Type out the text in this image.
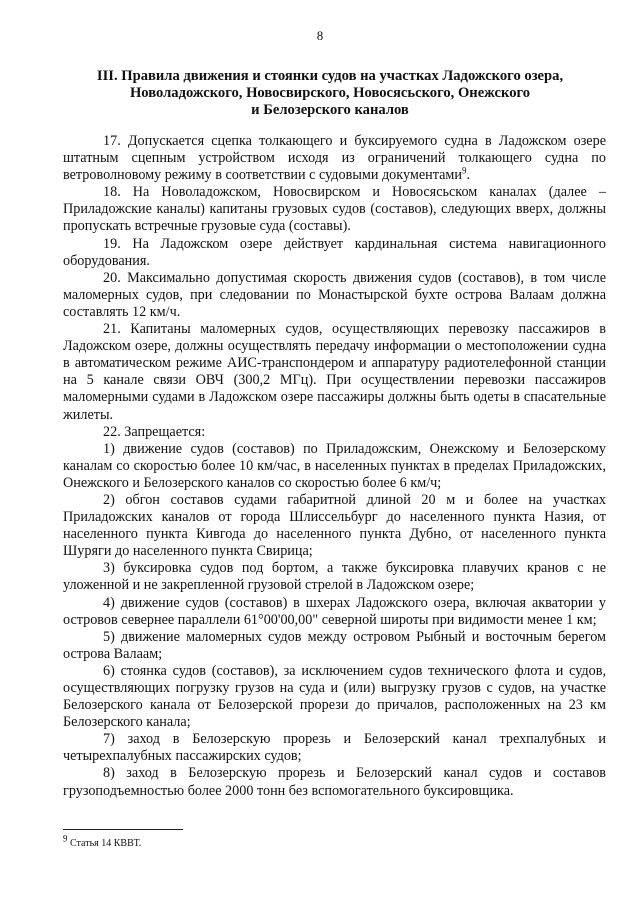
8
III. Правила движения и стоянки судов на участках Ладожского озера,
Новоладожского, Новосвирского, Новосясьского, Онежского
и Белозерского каналов

17. Допускается сцепка толкающего и буксируемого судна в Ладожском озере штатным сцепным устройством исходя из ограничений толкающего судна по ветроволновому режиму в соответствии с судовыми документами$^9$.

18. На Новоладожском, Новосвирском и Новосясьском каналах (далее – Приладожские каналы) капитаны грузовых судов (составов), следующих вверх, должны пропускать встречные грузовые суда (составы).

19. На Ладожском озере действует кардинальная система навигационного оборудования.

20. Максимально допустимая скорость движения судов (составов), в том числе маломерных судов, при следовании по Монастырской бухте острова Валаам должна составлять 12 км/ч.

21. Капитаны маломерных судов, осуществляющих перевозку пассажиров в Ладожском озере, должны осуществлять передачу информации о местоположении судна в автоматическом режиме АИС-транспондером и аппаратуру радиотелефонной станции на 5 канале связи ОВЧ (300,2 МГц). При осуществлении перевозки пассажиров маломерными судами в Ладожском озере пассажиры должны быть одеты в спасательные жилеты.

22. Запрещается:

1) движение судов (составов) по Приладожским, Онежскому и Белозерскому каналам со скоростью более 10 км/час, в населенных пунктах в пределах Приладожских, Онежского и Белозерского каналов со скоростью более 6 км/ч;

2) обгон составов судами габаритной длиной 20 м и более на участках Приладожских каналов от города Шлиссельбург до населенного пункта Назия, от населенного пункта Кивгода до населенного пункта Дубно, от населенного пункта Шуряги до населенного пункта Свирица;

3) буксировка судов под бортом, а также буксировка плавучих кранов с не уложенной и не закрепленной грузовой стрелой в Ладожском озере;

4) движение судов (составов) в шхерах Ладожского озера, включая акватории у островов севернее параллели 61°00'00,00" северной широты при видимости менее 1 км;

5) движение маломерных судов между островом Рыбный и восточным берегом острова Валаам;

6) стоянка судов (составов), за исключением судов технического флота и судов, осуществляющих погрузку грузов на суда и (или) выгрузку грузов с судов, на участке Белозерского канала от Белозерской прорези до причалов, расположенных на 23 км Белозерского канала;

7) заход в Белозерскую прорезь и Белозерский канал трехпалубных и четырехпалубных пассажирских судов;

8) заход в Белозерскую прорезь и Белозерский канал судов и составов грузоподъемностью более 2000 тонн без вспомогательного буксировщика.

$^9$ Статья 14 КВВТ.
